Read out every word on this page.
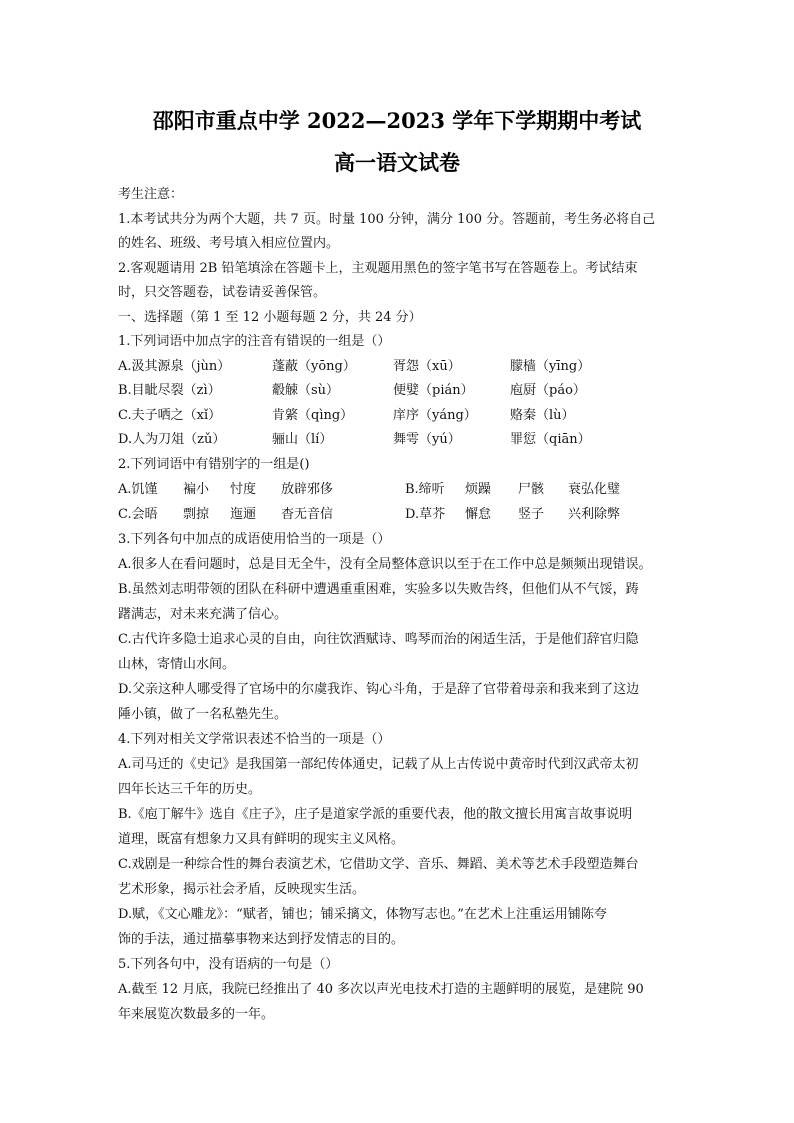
邵阳市重点中学 2022—2023 学年下学期期中考试
高一语文试卷
考生注意：
1.本考试共分为两个大题，共 7 页。时量 100 分钟，满分 100 分。答题前，考生务必将自己
的姓名、班级、考号填入相应位置内。
2.客观题请用 2B 铅笔填涂在答题卡上，主观题用黑色的签字笔书写在答题卷上。考试结束
时，只交答题卷，试卷请妥善保管。
一、选择题（第 1 至 12 小题每题 2 分，共 24 分）
1.下列词语中加点字的注音有错误的一组是（）
A.汲其源泉（jùn）	蓬蔽（yōng）	胥怨（xū）	朦樯（yīng）
B.目眦尽裂（zì）	觳觫（sù）	便嬖（pián）	庖厨（páo）
C.夫子哂之（xǐ）	肯綮（qìng）	庠序（yáng）	赂秦（lù）
D.人为刀俎（zǔ）	骊山（lí）	舞雩（yú）	罪愆（qiān）
2.下列词语中有错别字的一组是()
A.饥馑 褊小 忖度 放辟邪侈	B.缔听 烦躁 尸骸 衰弘化璧
C.会晤 剽掠 迤逦 杳无音信	D.草芥 懈怠 竖子 兴利除弊
3.下列各句中加点的成语使用恰当的一项是（）
A.很多人在看问题时，总是目无全牛，没有全局整体意识以至于在工作中总是频频出现错误。
B.虽然刘志明带领的团队在科研中遭遇重重困难，实验多以失败告终，但他们从不气馁，踌
躇满志，对未来充满了信心。
C.古代许多隐士追求心灵的自由，向往饮酒赋诗、鸣琴而治的闲适生活，于是他们辞官归隐
山林，寄情山水间。
D.父亲这种人哪受得了官场中的尔虞我诈、钩心斗角，于是辞了官带着母亲和我来到了这边
陲小镇，做了一名私塾先生。
4.下列对相关文学常识表述不恰当的一项是（）
A.司马迁的《史记》是我国第一部纪传体通史，记载了从上古传说中黄帝时代到汉武帝太初
四年长达三千年的历史。
B.《庖丁解牛》选自《庄子》，庄子是道家学派的重要代表，他的散文擅长用寓言故事说明
道理，既富有想象力又具有鲜明的现实主义风格。
C.戏剧是一种综合性的舞台表演艺术，它借助文学、音乐、舞蹈、美术等艺术手段塑造舞台
艺术形象，揭示社会矛盾，反映现实生活。
D.赋，《文心雕龙》：“赋者，铺也；铺采摛文，体物写志也。”在艺术上注重运用铺陈夸
饰的手法，通过描摹事物来达到抒发情志的目的。
5.下列各句中，没有语病的一句是（）
A.截至 12 月底，我院已经推出了 40 多次以声光电技术打造的主题鲜明的展览，是建院 90
年来展览次数最多的一年。
